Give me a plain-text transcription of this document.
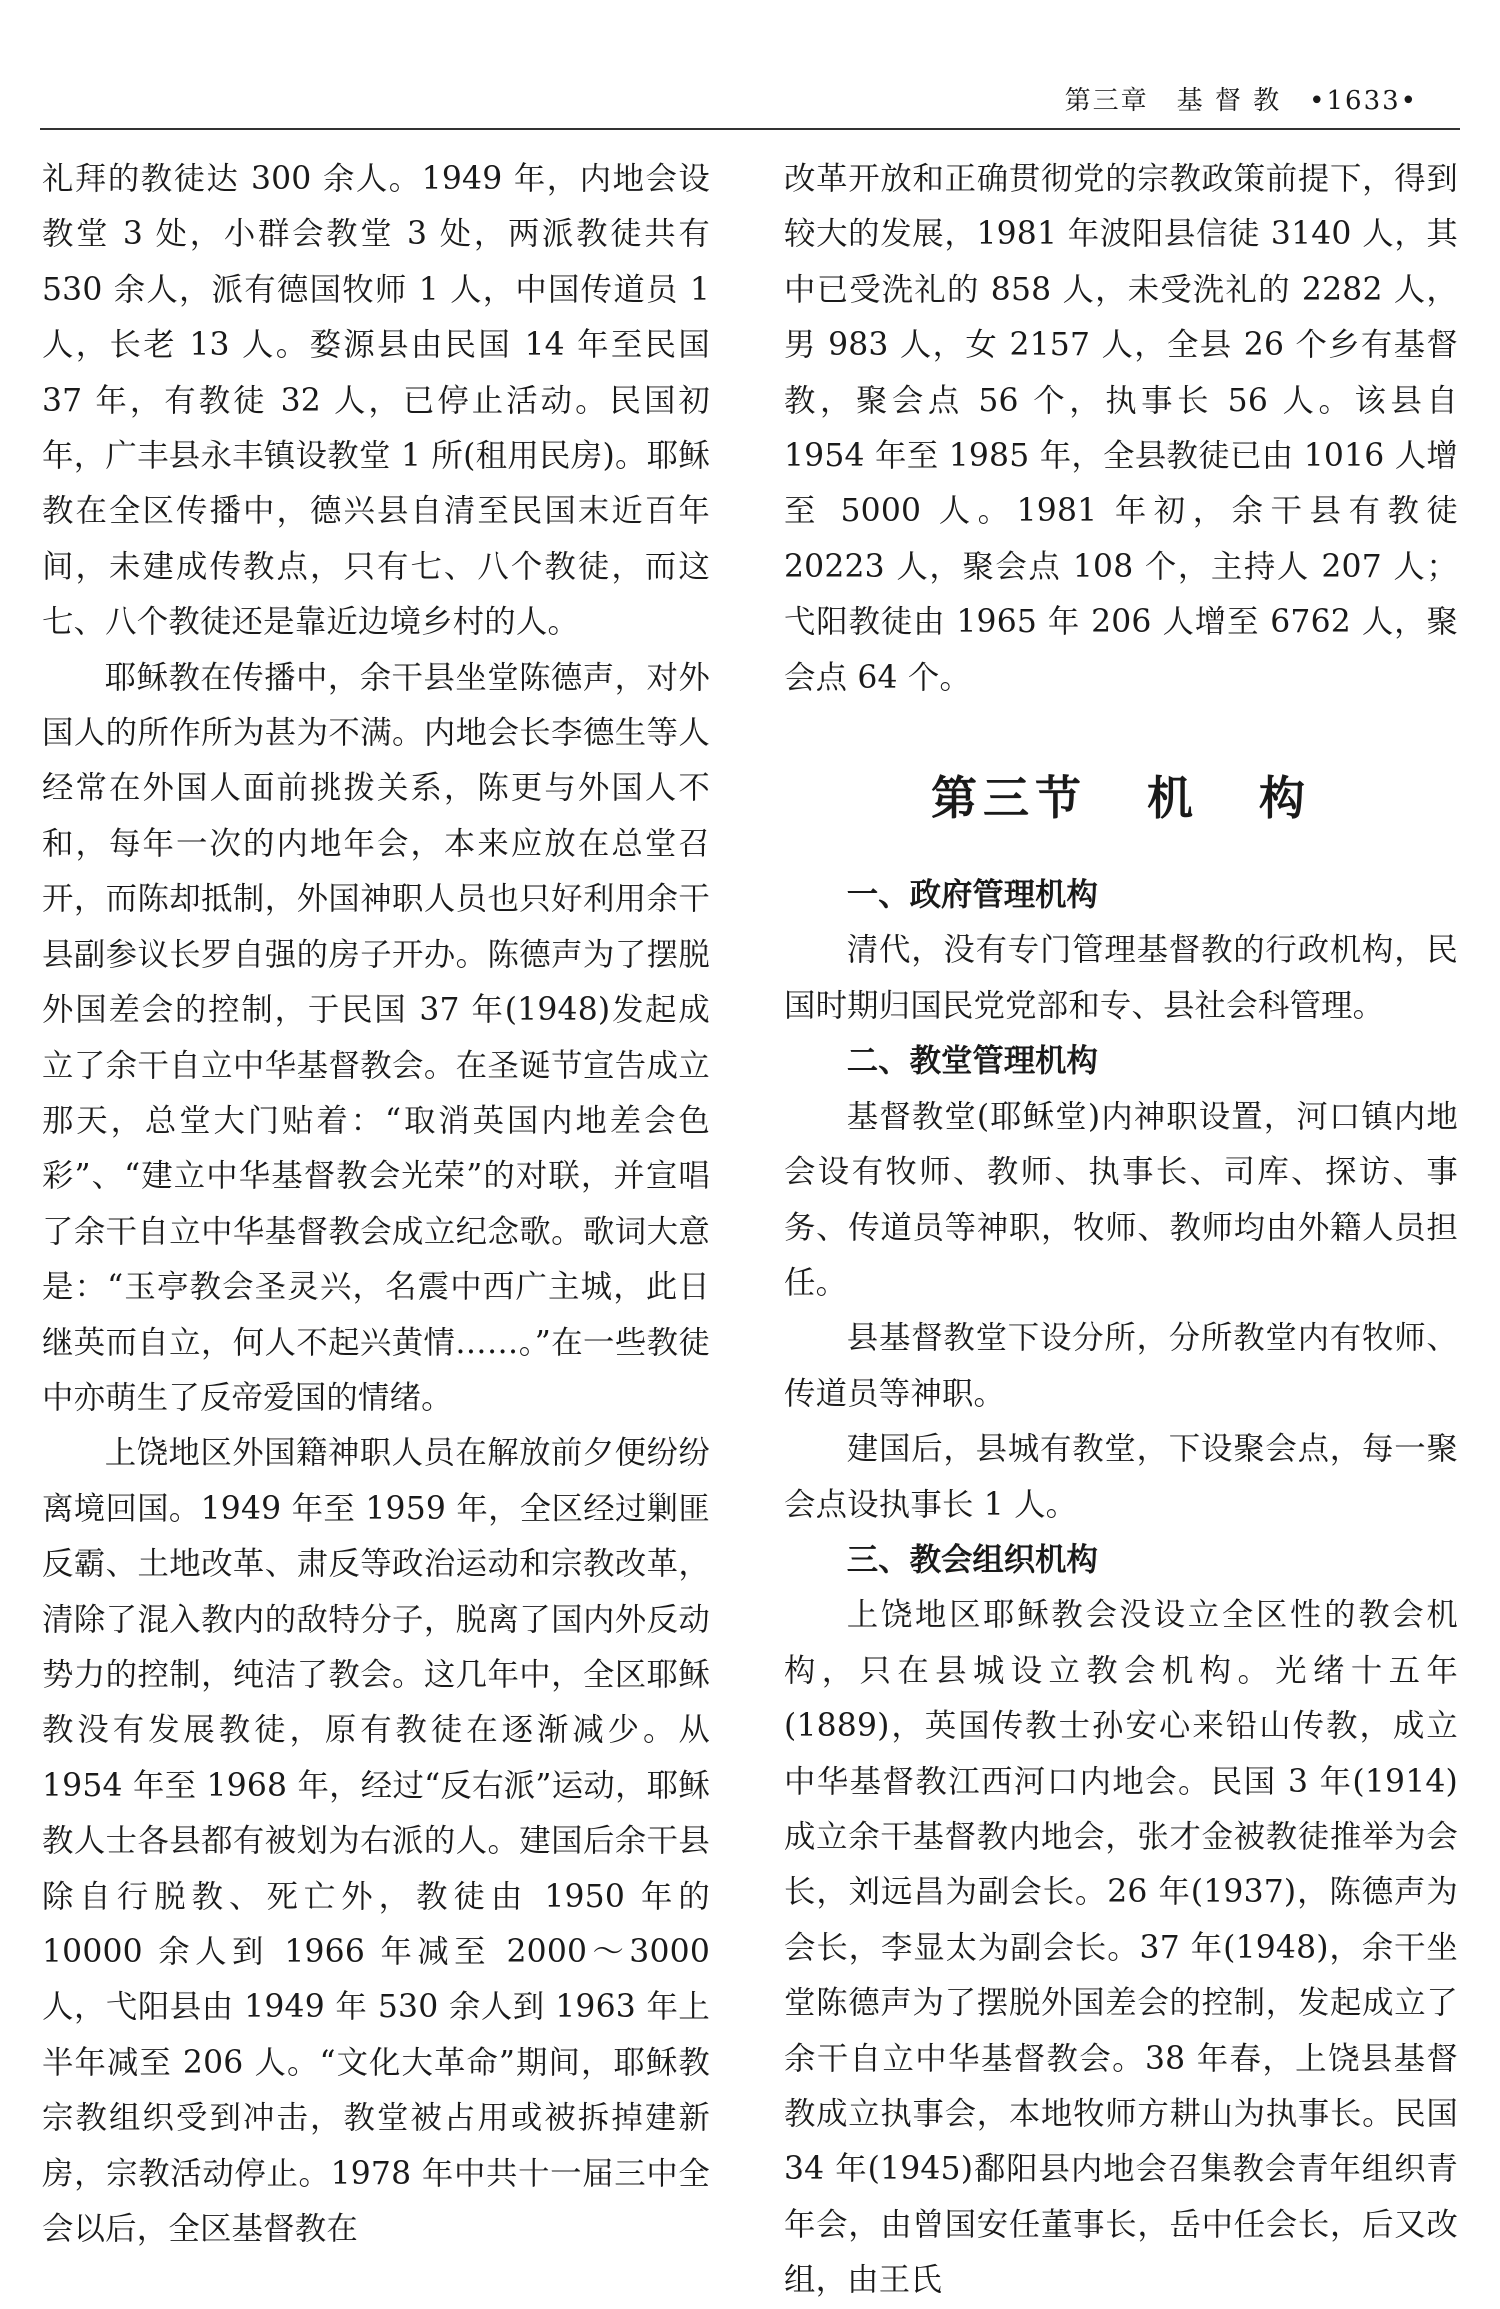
第三章 基 督 教 •1633•

礼拜的教徒达 300 余人。1949 年，内地会设教堂 3 处，小群会教堂 3 处，两派教徒共有 530 余人，派有德国牧师 1 人，中国传道员 1 人，长老 13 人。婺源县由民国 14 年至民国 37 年，有教徒 32 人，已停止活动。民国初年，广丰县永丰镇设教堂 1 所(租用民房)。耶稣教在全区传播中，德兴县自清至民国末近百年间，未建成传教点，只有七、八个教徒，而这七、八个教徒还是靠近边境乡村的人。

耶稣教在传播中，余干县坐堂陈德声，对外国人的所作所为甚为不满。内地会长李德生等人经常在外国人面前挑拨关系，陈更与外国人不和，每年一次的内地年会，本来应放在总堂召开，而陈却抵制，外国神职人员也只好利用余干县副参议长罗自强的房子开办。陈德声为了摆脱外国差会的控制，于民国 37 年(1948)发起成立了余干自立中华基督教会。在圣诞节宣告成立那天，总堂大门贴着：“取消英国内地差会色彩”、“建立中华基督教会光荣”的对联，并宣唱了余干自立中华基督教会成立纪念歌。歌词大意是：“玉亭教会圣灵兴，名震中西广主城，此日继英而自立，何人不起兴黄情……。”在一些教徒中亦萌生了反帝爱国的情绪。

上饶地区外国籍神职人员在解放前夕便纷纷离境回国。1949 年至 1959 年，全区经过剿匪反霸、土地改革、肃反等政治运动和宗教改革，清除了混入教内的敌特分子，脱离了国内外反动势力的控制，纯洁了教会。这几年中，全区耶稣教没有发展教徒，原有教徒在逐渐减少。从 1954 年至 1968 年，经过“反右派”运动，耶稣教人士各县都有被划为右派的人。建国后余干县除自行脱教、死亡外，教徒由 1950 年的 10000 余人到 1966 年减至 2000～3000 人，弋阳县由 1949 年 530 余人到 1963 年上半年减至 206 人。“文化大革命”期间，耶稣教宗教组织受到冲击，教堂被占用或被拆掉建新房，宗教活动停止。1978 年中共十一届三中全会以后，全区基督教在

改革开放和正确贯彻党的宗教政策前提下，得到较大的发展，1981 年波阳县信徒 3140 人，其中已受洗礼的 858 人，未受洗礼的 2282 人，男 983 人，女 2157 人，全县 26 个乡有基督教，聚会点 56 个，执事长 56 人。该县自 1954 年至 1985 年，全县教徒已由 1016 人增至 5000 人。1981 年初，余干县有教徒 20223 人，聚会点 108 个，主持人 207 人；弋阳教徒由 1965 年 206 人增至 6762 人，聚会点 64 个。

第三节 机 构

一、政府管理机构

清代，没有专门管理基督教的行政机构，民国时期归国民党党部和专、县社会科管理。

二、教堂管理机构

基督教堂(耶稣堂)内神职设置，河口镇内地会设有牧师、教师、执事长、司库、探访、事务、传道员等神职，牧师、教师均由外籍人员担任。

县基督教堂下设分所，分所教堂内有牧师、传道员等神职。

建国后，县城有教堂，下设聚会点，每一聚会点设执事长 1 人。

三、教会组织机构

上饶地区耶稣教会没设立全区性的教会机构，只在县城设立教会机构。光绪十五年(1889)，英国传教士孙安心来铅山传教，成立中华基督教江西河口内地会。民国 3 年(1914)成立余干基督教内地会，张才金被教徒推举为会长，刘远昌为副会长。26 年(1937)，陈德声为会长，李显太为副会长。37 年(1948)，余干坐堂陈德声为了摆脱外国差会的控制，发起成立了余干自立中华基督教会。38 年春，上饶县基督教成立执事会，本地牧师方耕山为执事长。民国 34 年(1945)鄱阳县内地会召集教会青年组织青年会，由曾国安任董事长，岳中任会长，后又改组，由王氏
